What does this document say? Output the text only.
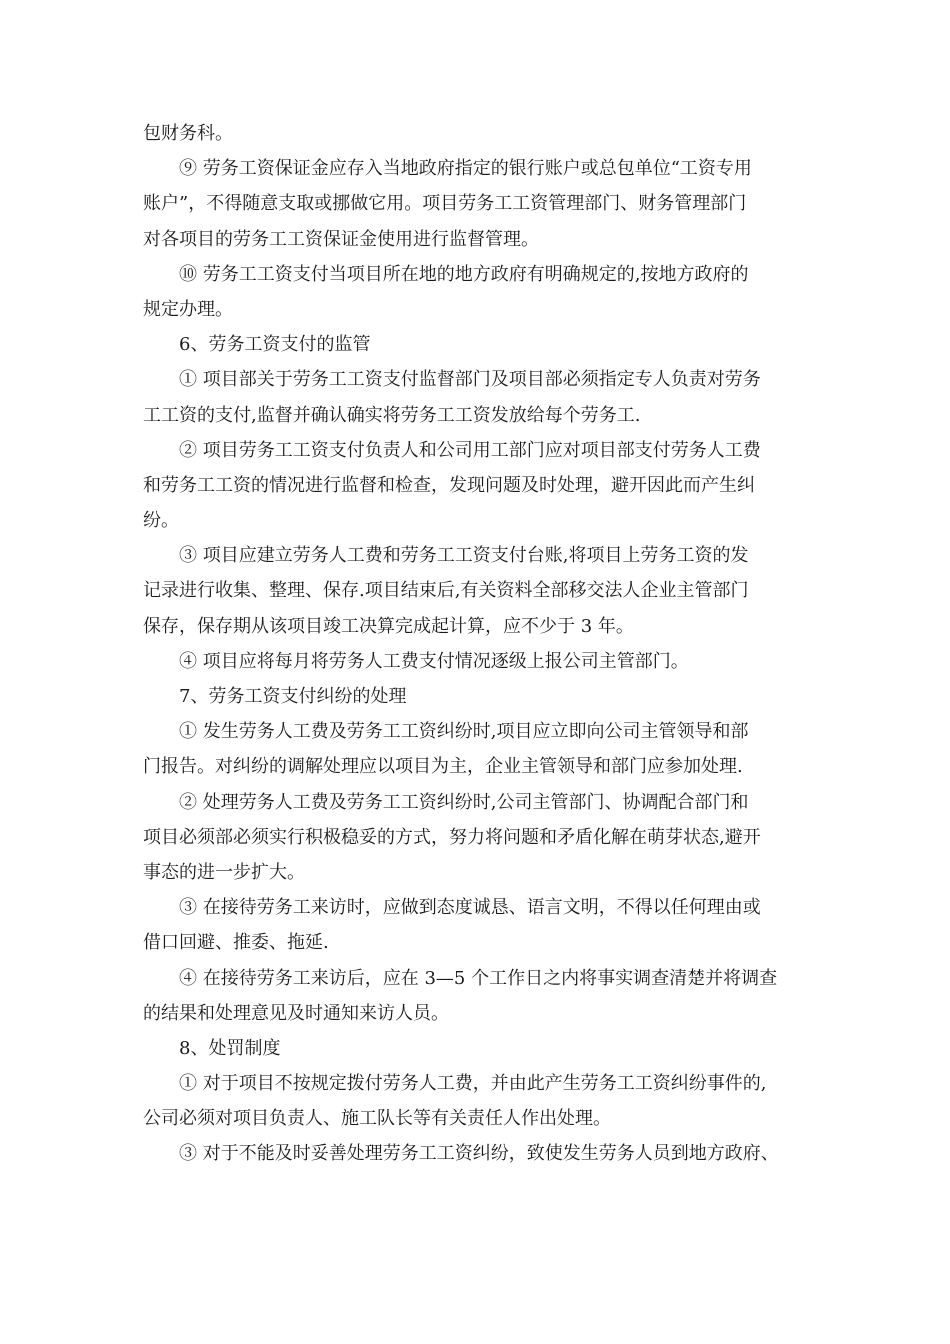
包财务科。
⑨ 劳务工资保证金应存入当地政府指定的银行账户或总包单位“工资专用
账户”，不得随意支取或挪做它用。项目劳务工工资管理部门、财务管理部门
对各项目的劳务工工资保证金使用进行监督管理。
⑩ 劳务工工资支付当项目所在地的地方政府有明确规定的,按地方政府的
规定办理。
6、劳务工资支付的监管
① 项目部关于劳务工工资支付监督部门及项目部必须指定专人负责对劳务
工工资的支付,监督并确认确实将劳务工工资发放给每个劳务工.
② 项目劳务工工资支付负责人和公司用工部门应对项目部支付劳务人工费
和劳务工工资的情况进行监督和检查，发现问题及时处理，避开因此而产生纠
纷。
③ 项目应建立劳务人工费和劳务工工资支付台账,将项目上劳务工资的发
记录进行收集、整理、保存.项目结束后,有关资料全部移交法人企业主管部门
保存，保存期从该项目竣工决算完成起计算，应不少于 3 年。
④ 项目应将每月将劳务人工费支付情况逐级上报公司主管部门。
7、劳务工资支付纠纷的处理
① 发生劳务人工费及劳务工工资纠纷时,项目应立即向公司主管领导和部
门报告。对纠纷的调解处理应以项目为主，企业主管领导和部门应参加处理.
② 处理劳务人工费及劳务工工资纠纷时,公司主管部门、协调配合部门和
项目必须部必须实行积极稳妥的方式，努力将问题和矛盾化解在萌芽状态,避开
事态的进一步扩大。
③ 在接待劳务工来访时，应做到态度诚恳、语言文明，不得以任何理由或
借口回避、推委、拖延.
④ 在接待劳务工来访后，应在 3—5 个工作日之内将事实调查清楚并将调查
的结果和处理意见及时通知来访人员。
8、处罚制度
① 对于项目不按规定拨付劳务人工费，并由此产生劳务工工资纠纷事件的,
公司必须对项目负责人、施工队长等有关责任人作出处理。
③ 对于不能及时妥善处理劳务工工资纠纷，致使发生劳务人员到地方政府、
